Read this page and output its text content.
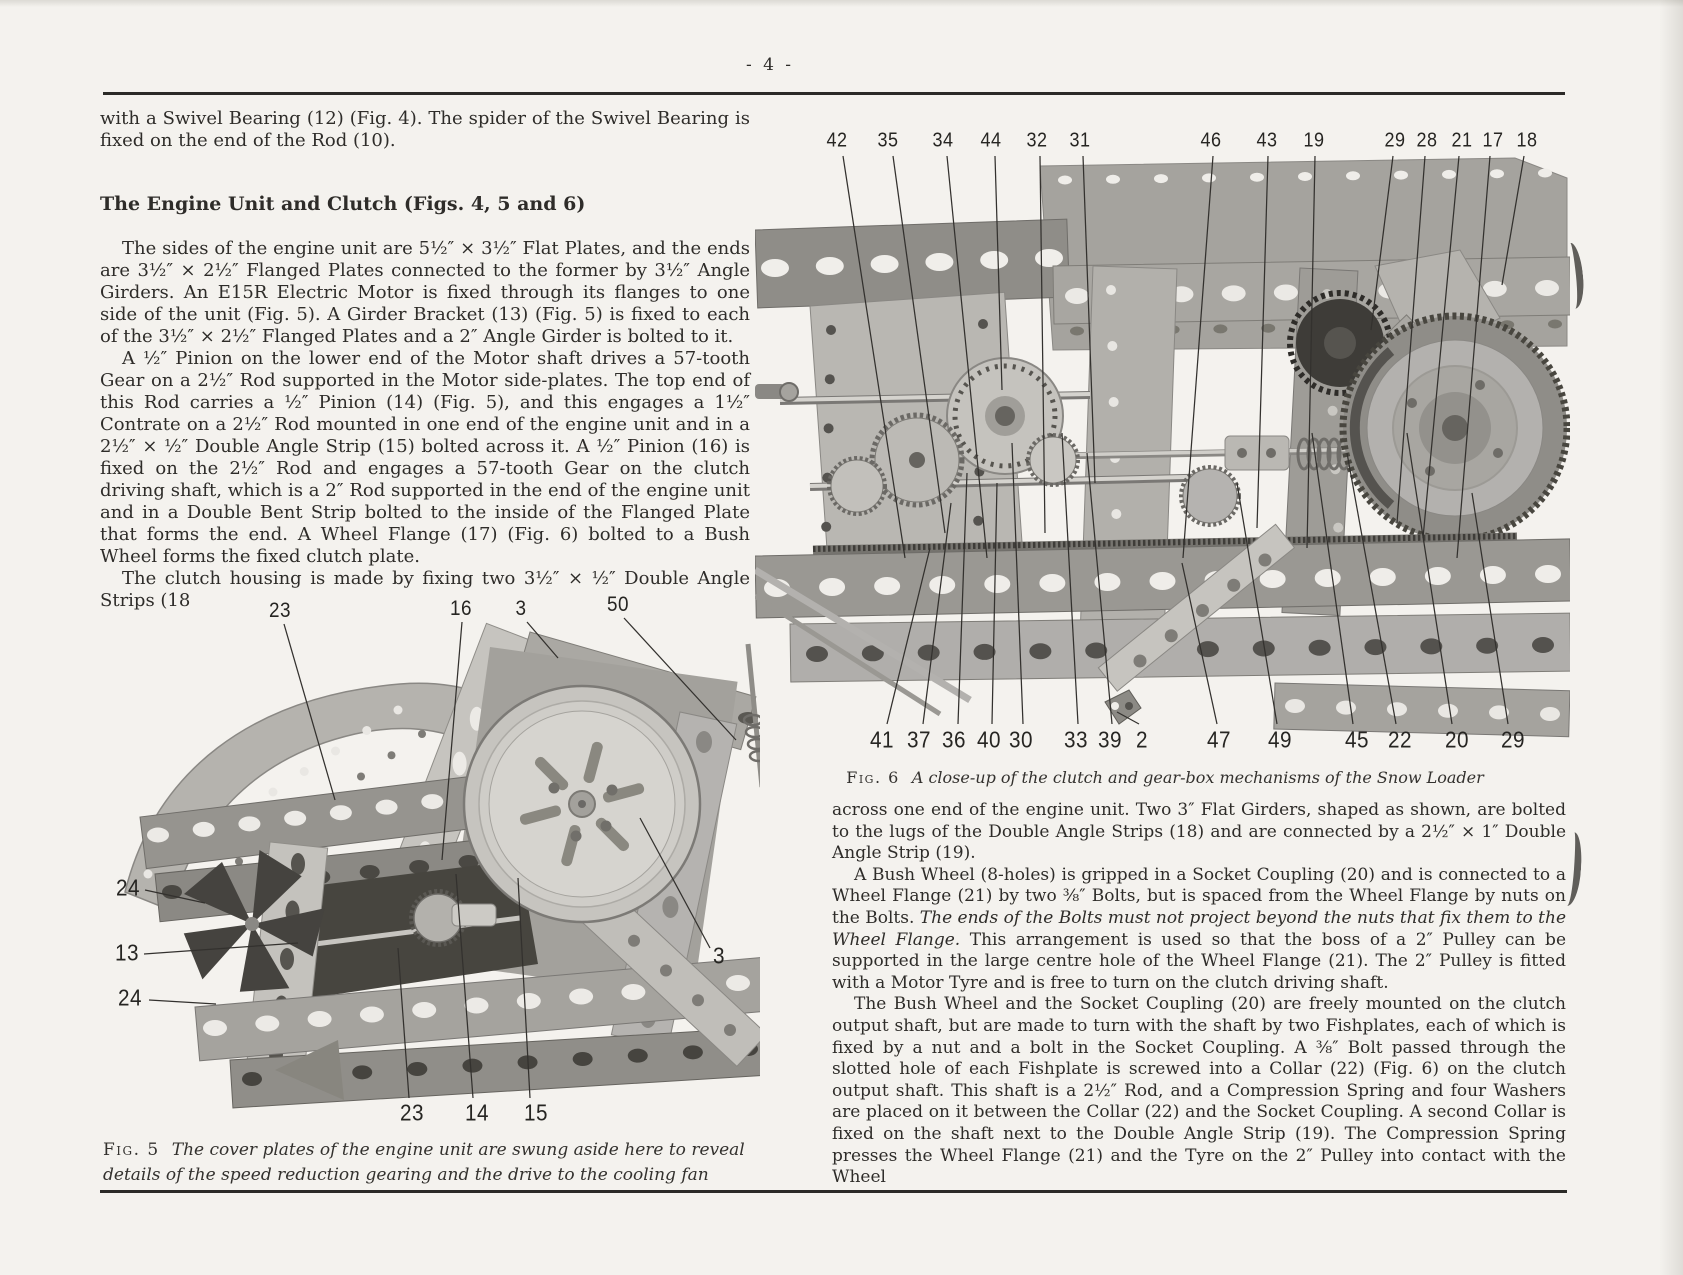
- 4 -

with a Swivel Bearing (12) (Fig. 4). The spider of the Swivel Bearing is fixed on the end of the Rod (10).

The Engine Unit and Clutch (Figs. 4, 5 and 6)

The sides of the engine unit are 5½″ × 3½″ Flat Plates, and the ends are 3½″ × 2½″ Flanged Plates connected to the former by 3½″ Angle Girders. An E15R Electric Motor is fixed through its flanges to one side of the unit (Fig. 5). A Girder Bracket (13) (Fig. 5) is fixed to each of the 3½″ × 2½″ Flanged Plates and a 2″ Angle Girder is bolted to it.

A ½″ Pinion on the lower end of the Motor shaft drives a 57-tooth Gear on a 2½″ Rod supported in the Motor side-plates. The top end of this Rod carries a ½″ Pinion (14) (Fig. 5), and this engages a 1½″ Contrate on a 2½″ Rod mounted in one end of the engine unit and in a 2½″ × ½″ Double Angle Strip (15) bolted across it. A ½″ Pinion (16) is fixed on the 2½″ Rod and engages a 57-tooth Gear on the clutch driving shaft, which is a 2″ Rod supported in the end of the engine unit and in a Double Bent Strip bolted to the inside of the Flanged Plate that forms the end. A Wheel Flange (17) (Fig. 6) bolted to a Bush Wheel forms the fixed clutch plate.

The clutch housing is made by fixing two 3½″ × ½″ Double Angle Strips (18	23	16 3	50
24
13
24
3
23 14 15
Fig. 5 The cover plates of the engine unit are swung aside here to reveal details of the speed reduction gearing and the drive to the cooling fan
42 35 34 44 32 31	46 43 19	29 28 21 17 18
41 37 36 40 30 33 39 2	47 49 45 22 20 29
Fig. 6 A close-up of the clutch and gear-box mechanisms of the Snow Loader

across one end of the engine unit. Two 3″ Flat Girders, shaped as shown, are bolted to the lugs of the Double Angle Strips (18) and are connected by a 2½″ × 1″ Double Angle Strip (19).

A Bush Wheel (8-holes) is gripped in a Socket Coupling (20) and is connected to a Wheel Flange (21) by two ⅜″ Bolts, but is spaced from the Wheel Flange by nuts on the Bolts. The ends of the Bolts must not project beyond the nuts that fix them to the Wheel Flange. This arrangement is used so that the boss of a 2″ Pulley can be supported in the large centre hole of the Wheel Flange (21). The 2″ Pulley is fitted with a Motor Tyre and is free to turn on the clutch driving shaft.

The Bush Wheel and the Socket Coupling (20) are freely mounted on the clutch output shaft, but are made to turn with the shaft by two Fishplates, each of which is fixed by a nut and a bolt in the Socket Coupling. A ⅜″ Bolt passed through the slotted hole of each Fishplate is screwed into a Collar (22) (Fig. 6) on the clutch output shaft. This shaft is a 2½″ Rod, and a Compression Spring and four Washers are placed on it between the Collar (22) and the Socket Coupling. A second Collar is fixed on the shaft next to the Double Angle Strip (19). The Compression Spring presses the Wheel Flange (21) and the Tyre on the 2″ Pulley into contact with the Wheel
